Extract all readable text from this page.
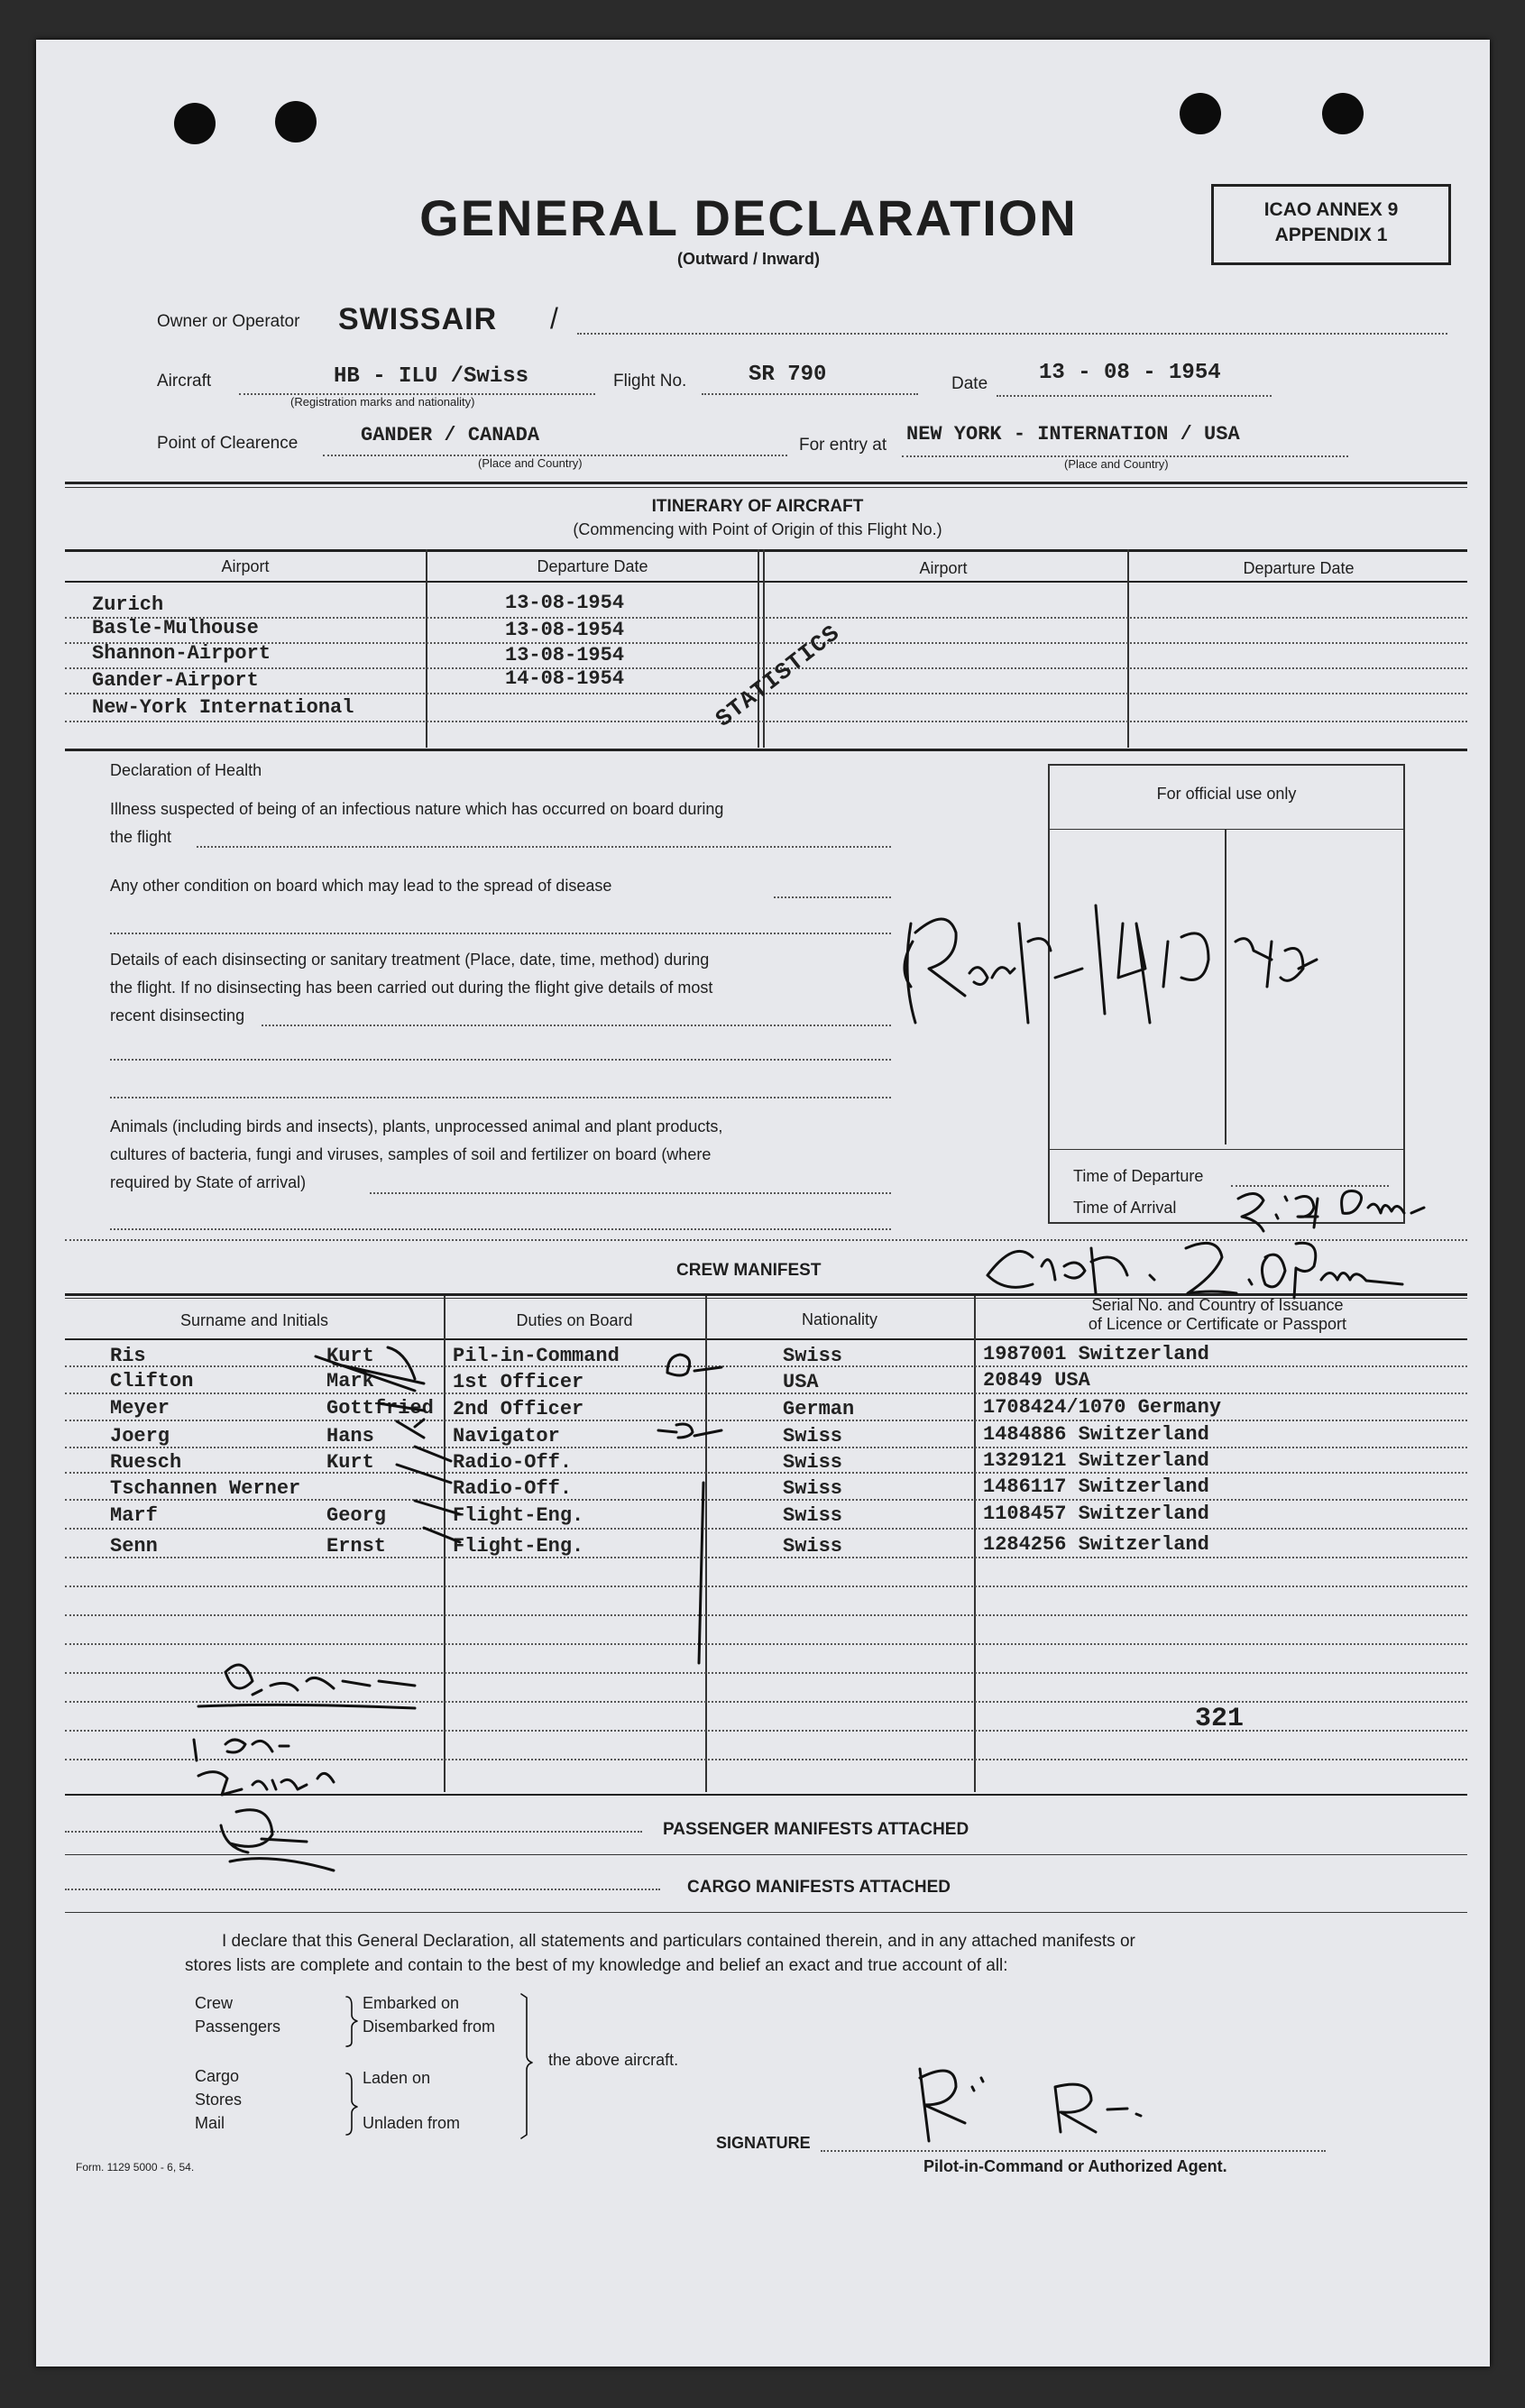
GENERAL DECLARATION
(Outward / Inward)
ICAO ANNEX 9
APPENDIX 1
Owner or Operator SWISSAIR /
Aircraft	HB - ILU /Swiss
(Registration marks and nationality)
Flight No.	SR 790	Date 13 - 08 - 1954
Point of Clearence	GANDER / CANADA
(Place and Country)
For entry at NEW YORK - INTERNATION / USA
(Place and Country)
ITINERARY OF AIRCRAFT
(Commencing with Point of Origin of this Flight No.)
Airport	Departure Date	Airport	Departure Date
Zurich	13-08-1954
Basle-Mulhouse	13-08-1954
Shannon-Airport	13-08-1954
Gander-Airport	14-08-1954
New-York International	STATISTICS
Declaration of Health
Illness suspected of being of an infectious nature which has occurred on board during
the flight
Any other condition on board which may lead to the spread of disease
Details of each disinsecting or sanitary treatment (Place, date, time, method) during
the flight. If no disinsecting has been carried out during the flight give details of most
recent disinsecting
Animals (including birds and insects), plants, unprocessed animal and plant products,
cultures of bacteria, fungi and viruses, samples of soil and fertilizer on board (where
required by State of arrival)
For official use only
Time of Departure
Time of Arrival
CREW MANIFEST
Surname and Initials	Duties on Board	Nationality
Serial No. and Country of Issuance
of Licence or Certificate or Passport
Ris	Kurt	Pil-in-Command	Swiss	1987001 Switzerland
Clifton	Mark	1st Officer	USA	20849 USA
Meyer	Gottfried 2nd Officer	German	1708424/1070 Germany
Joerg	Hans	Navigator	Swiss	1484886 Switzerland
Ruesch	Kurt	Radio-Off.	Swiss	1329121 Switzerland
Tschannen Werner	Radio-Off.	Swiss	1486117 Switzerland
Marf	Georg	Flight-Eng.	Swiss	1108457 Switzerland
Senn	Ernst	Flight-Eng.	Swiss	1284256 Switzerland
321
PASSENGER MANIFESTS ATTACHED
CARGO MANIFESTS ATTACHED
I declare that this General Declaration, all statements and particulars contained therein, and in any attached manifests or
stores lists are complete and contain to the best of my knowledge and belief an exact and true account of all:
Crew
Passengers
Cargo
Stores
Mail
Embarked on
Disembarked from
Laden on
Unladen from
the above aircraft.
SIGNATURE
Pilot-in-Command or Authorized Agent.
Form. 1129 5000 - 6, 54.
